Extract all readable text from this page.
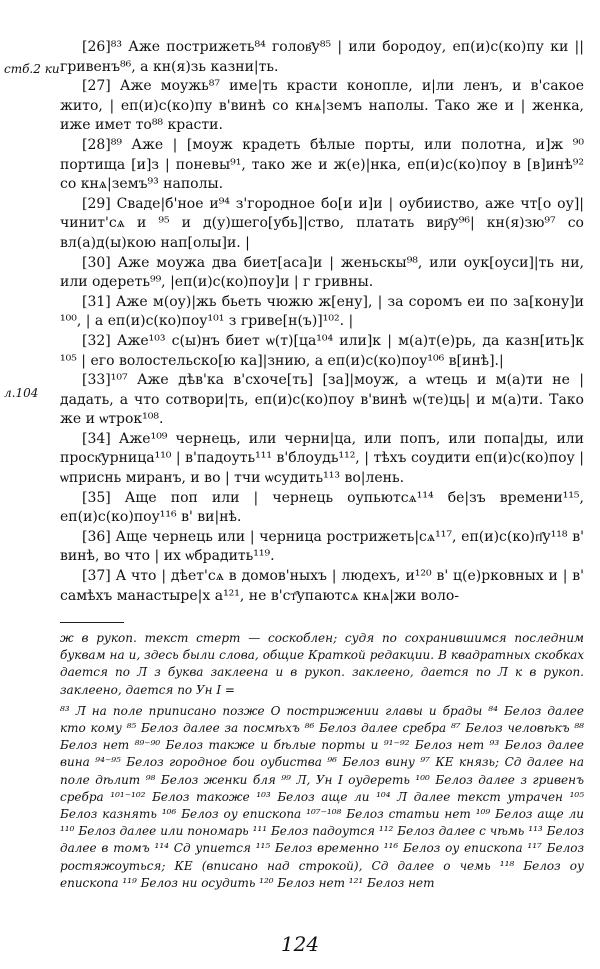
стб.2 ки
л.104

[26]⁸³ Аже пострижеть⁸⁴ голов҄у⁸⁵ | или бородоу, еп(и)с(ко)пу ки || гривенъ⁸⁶, а кн(я)зь казни|ть.

[27] Аже моужь⁸⁷ име|ть красти конопле, и|ли ленъ, и в'сакое жито, | еп(и)с(ко)пу в'винѣ со кнѧ|земъ наполы. Тако же и | женка, иже имет то⁸⁸ красти.

[28]⁸⁹ Аже | [моуж кpaдеть бѣлые порты, или полотна, и]ж ⁹⁰ портища [и]з | поневы⁹¹, тако же и ж(е)|нка, еп(и)с(ко)поу в [в]инѣ⁹² со кнѧ|земъ⁹³ наполы.

[29] Сваде|б'ное и⁹⁴ з'городное бо[и и]и | оубииство, аже чт[о оу]|чинит'сѧ и ⁹⁵ и д(у)шего[убь]|ство, платать вир҄у⁹⁶| кн(я)зю⁹⁷ со вл(а)д(ы)кою нап[олы]и. |

[30] Аже моужа два биет[аса]и | женьскы⁹⁸, или оук[оуси]|ть ни, или одереть⁹⁹, |еп(и)с(ко)поу]и | г гривны.

[31] Аже м(оу)|жь бьеть чюжю ж[ену], | за соромъ еи по за[кону]и ¹⁰⁰, | а еп(и)с(ко)поу¹⁰¹ з гриве[н(ъ)]¹⁰². |

[32] Аже¹⁰³ с(ы)нъ биет ѡ(т)[ца¹⁰⁴ или]к | м(а)т(е)рь, да казн[ить]к ¹⁰⁵ | его волостельско[ю ка]|знию, а еп(и)с(ко)поу¹⁰⁶ в[инѣ].|

[33]¹⁰⁷ Аже дѣв'ка в'схоче[ть] [за]|моуж, а ѡтець и м(а)ти не | дадать, а что сотвори|ть, еп(и)с(ко)поу в'винѣ ѡ(те)ць| и м(а)ти. Тако же и ѡтрок¹⁰⁸.

[34] Аже¹⁰⁹ чернець, или черни|ца, или попъ, или попа|ды, или проск҄урница¹¹⁰ | в'падоуть¹¹¹ в'блоудь¹¹², | тѣхъ соудити еп(и)с(ко)поу | ѡприснь миранъ, и во | тчи ѡсудить¹¹³ во|лень.

[35] Аще поп или | чернець оупьютсѧ¹¹⁴ бе|зъ времени¹¹⁵, еп(и)с(ко)поу¹¹⁶ в' ви|нѣ.

[36] Аще чернець или | черница рострижеть|сѧ¹¹⁷, еп(и)с(ко)п҄у¹¹⁸ в' винѣ, во что | их ѡбрадить¹¹⁹.

[37] А что | дѣет'сѧ в домов'ныхъ | людехъ, и¹²⁰ в' ц(е)рковных и | в' самѣхъ манастыре|х а¹²¹, не в'ст҄упаютсѧ кнѧ|жи воло-

ж в рукоп. текст стерт — соскоблен; судя по сохранившимся последним буквам на и, здесь были слова, общие Краткой редакции. В квадратных скобках дается по Л з буква заклеена и в рукоп. заклеено, дается по Л к в рукоп. заклеено, дается по Ун I =

⁸³ Л на поле приписано позже О пострижении главы и брады ⁸⁴ Белоз далее кто кому ⁸⁵ Белоз далее за посмѣхъ ⁸⁶ Белоз далее сребра ⁸⁷ Белоз человѣкъ ⁸⁸ Белоз нет ⁸⁹⁻⁹⁰ Белоз также и бѣлые порты и ⁹¹⁻⁹² Белоз нет ⁹³ Белоз далее вина ⁹⁴⁻⁹⁵ Белоз городное бои оубиства ⁹⁶ Белоз вину ⁹⁷ КЕ князь; Сд далее на поле дѣлит ⁹⁸ Белоз женки бля ⁹⁹ Л, Ун I оудереть ¹⁰⁰ Белоз далее з гривенъ сребра ¹⁰¹⁻¹⁰² Белоз такоже ¹⁰³ Белоз аще ли ¹⁰⁴ Л далее текст утрачен ¹⁰⁵ Белоз казнять ¹⁰⁶ Белоз оу епископа ¹⁰⁷⁻¹⁰⁸ Белоз статьи нет ¹⁰⁹ Белоз аще ли ¹¹⁰ Белоз далее или пономарь ¹¹¹ Белоз падоутся ¹¹² Белоз далее с чѣмь ¹¹³ Белоз далее в томъ ¹¹⁴ Сд упиется ¹¹⁵ Белоз временно ¹¹⁶ Белоз оу епископа ¹¹⁷ Белоз ростяжоуться; КЕ (вписано над строкой), Сд далее о чемь ¹¹⁸ Белоз оу епископа ¹¹⁹ Белоз ни осудить ¹²⁰ Белоз нет ¹²¹ Белоз нет

124
